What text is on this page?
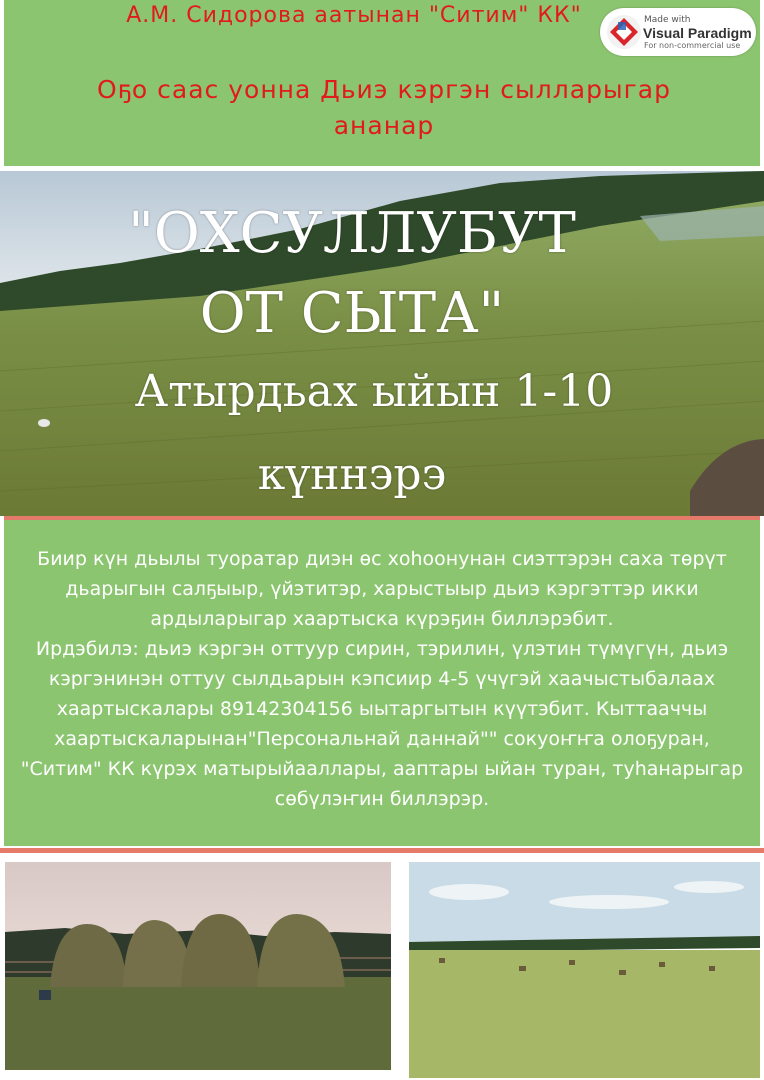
А.М. Сидорова аатынан "Ситим" КК"
Оҕо саас уонна Дьиэ кэргэн сылларыгар ананар
Made with
Visual Paradigm
For non-commercial use
"ОХСУЛЛУБУТ
ОТ СЫТА"
Атырдьах ыйын 1-10
күннэрэ
Биир күн дьылы туоратар диэн өс хоһоонунан сиэттэрэн саха төрүт дьарыгын салҕыыр, үйэтитэр, харыстыыр дьиэ кэргэттэр икки ардыларыгар хаартыска күрэҕин биллэрэбит.
Ирдэбилэ: дьиэ кэргэн оттуур сирин, тэрилин, үлэтин түмүгүн, дьиэ кэргэнинэн оттуу сылдьарын кэпсиир 4-5 үчүгэй хаачыстыбалаах хаартыскалары 89142304156 ыытаргытын күүтэбит. Кыттааччы хаартыскаларынан"Персональнай даннай"" сокуоҥҥа олоҕуран, "Ситим" КК күрэх матырыйааллары, ааптары ыйан туран, туһанарыгар сөбүлэҥин биллэрэр.
